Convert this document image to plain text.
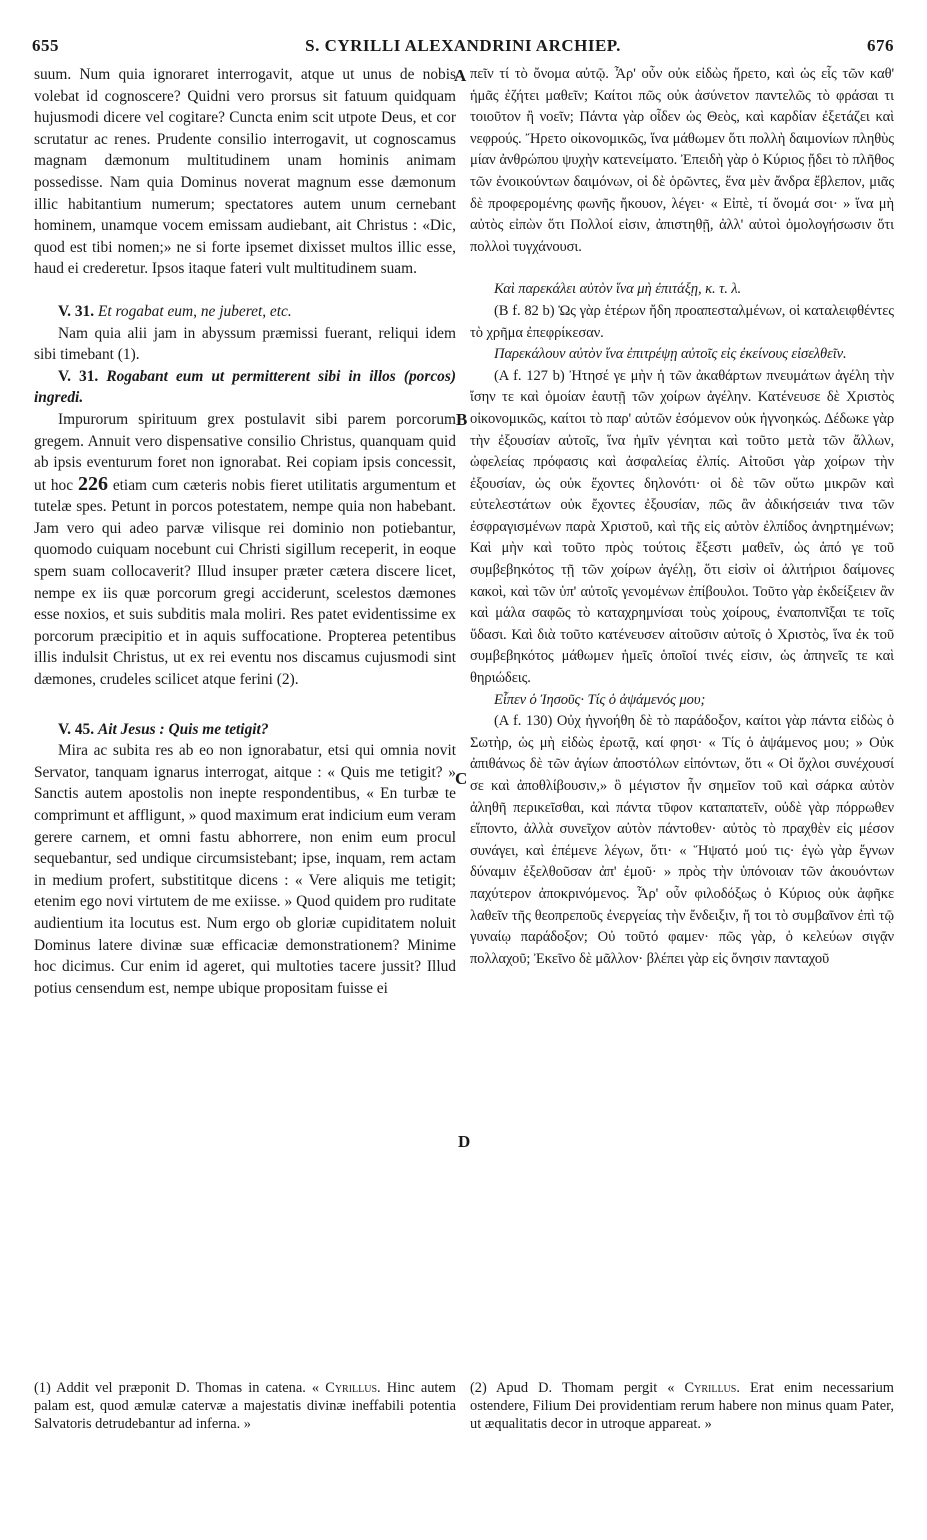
655	S. CYRILLI ALEXANDRINI ARCHIEP.	676
A
B
C
D

suum. Num quia ignoraret interrogavit, atque ut unus de nobis volebat id cognoscere? Quidni vero prorsus sit fatuum quidquam hujusmodi dicere vel cogitare? Cuncta enim scit utpote Deus, et cor scrutatur ac renes. Prudente consilio interrogavit, ut cognoscamus magnam dæmonum multitudinem unam hominis animam possedisse. Nam quia Dominus noverat magnum esse dæmonum illic habitantium numerum; spectatores autem unum cernebant hominem, unamque vocem emissam audiebant, ait Christus : «Dic, quod est tibi nomen;» ne si forte ipsemet dixisset multos illic esse, haud ei crederetur. Ipsos itaque fateri vult multitudinem suam.

V. 31. Et rogabat eum, ne juberet, etc.

Nam quia alii jam in abyssum præmissi fuerant, reliqui idem sibi timebant (1).

V. 31. Rogabant eum ut permitterent sibi in illos (porcos) ingredi.

Impurorum spirituum grex postulavit sibi parem porcorum gregem. Annuit vero dispensative consilio Christus, quanquam quid ab ipsis eventurum foret non ignorabat. Rei copiam ipsis concessit, ut hoc 226 etiam cum cæteris nobis fieret utilitatis argumentum et tutelæ spes. Petunt in porcos potestatem, nempe quia non habebant. Jam vero qui adeo parvæ vilisque rei dominio non potiebantur, quomodo cuiquam nocebunt cui Christi sigillum receperit, in eoque spem suam collocaverit? Illud insuper præter cætera discere licet, nempe ex iis quæ porcorum gregi acciderunt, scelestos dæmones esse noxios, et suis subditis mala moliri. Res patet evidentissime ex porcorum præcipitio et in aquis suffocatione. Propterea petentibus illis indulsit Christus, ut ex rei eventu nos discamus cujusmodi sint dæmones, crudeles scilicet atque ferini (2).

V. 45. Ait Jesus : Quis me tetigit?

Mira ac subita res ab eo non ignorabatur, etsi qui omnia novit Servator, tanquam ignarus interrogat, aitque : « Quis me tetigit? » Sanctis autem apostolis non inepte respondentibus, « En turbæ te comprimunt et affligunt, » quod maximum erat indicium eum veram gerere carnem, et omni fastu abhorrere, non enim eum procul sequebantur, sed undique circumsistebant; ipse, inquam, rem actam in medium profert, substititque dicens : « Vere aliquis me tetigit; etenim ego novi virtutem de me exiisse. » Quod quidem pro ruditate audientium ita locutus est. Num ergo ob gloriæ cupiditatem noluit Dominus latere divinæ suæ efficaciæ demonstrationem? Minime hoc dicimus. Cur enim id ageret, qui multoties tacere jussit? Illud potius censendum est, nempe ubique propositam fuisse ei

πεῖν τί τὸ ὄνομα αὐτῷ. Ἆρ' οὖν οὐκ εἰδὼς ἤρετο, καὶ ὡς εἷς τῶν καθ' ἡμᾶς ἐζήτει μαθεῖν; Καίτοι πῶς οὐκ ἀσύνετον παντελῶς τὸ φράσαι τι τοιοῦτον ἢ νοεῖν; Πάντα γὰρ οἶδεν ὡς Θεὸς, καὶ καρδίαν ἐξετάζει καὶ νεφρούς. Ἤρετο οἰκονομικῶς, ἵνα μάθωμεν ὅτι πολλὴ δαιμονίων πληθὺς μίαν ἀνθρώπου ψυχὴν κατενείματο. Ἐπειδὴ γὰρ ὁ Κύριος ᾔδει τὸ πλῆθος τῶν ἐνοικούντων δαιμόνων, οἱ δὲ ὁρῶντες, ἕνα μὲν ἄνδρα ἔβλεπον, μιᾶς δὲ προφερομένης φωνῆς ἤκουον, λέγει· « Εἰπὲ, τί ὄνομά σοι· » ἵνα μὴ αὐτὸς εἰπὼν ὅτι Πολλοί εἰσιν, ἀπιστηθῇ, ἀλλ' αὐτοὶ ὁμολογήσωσιν ὅτι πολλοὶ τυγχάνουσι.

Καὶ παρεκάλει αὐτὸν ἵνα μὴ ἐπιτάξῃ, κ. τ. λ.

(B f. 82 b) Ὡς γὰρ ἑτέρων ἤδη προαπεσταλμένων, οἱ καταλειφθέντες τὸ χρῆμα ἐπεφρίκεσαν.

Παρεκάλουν αὐτὸν ἵνα ἐπιτρέψῃ αὐτοῖς εἰς ἐκείνους εἰσελθεῖν.

(A f. 127 b) Ἠτησέ γε μὴν ἡ τῶν ἀκαθάρτων πνευμάτων ἀγέλη τὴν ἴσην τε καὶ ὁμοίαν ἑαυτῇ τῶν χοίρων ἀγέλην. Κατένευσε δὲ Χριστὸς οἰκονομικῶς, καίτοι τὸ παρ' αὐτῶν ἐσόμενον οὐκ ἠγνοηκώς. Δέδωκε γὰρ τὴν ἐξουσίαν αὐτοῖς, ἵνα ἡμῖν γένηται καὶ τοῦτο μετὰ τῶν ἄλλων, ὠφελείας πρόφασις καὶ ἀσφαλείας ἐλπίς. Αἰτοῦσι γὰρ χοίρων τὴν ἐξουσίαν, ὡς οὐκ ἔχοντες δηλονότι· οἱ δὲ τῶν οὕτω μικρῶν καὶ εὐτελεστάτων οὐκ ἔχοντες ἐξουσίαν, πῶς ἂν ἀδικήσειάν τινα τῶν ἐσφραγισμένων παρὰ Χριστοῦ, καὶ τῆς εἰς αὐτὸν ἐλπίδος ἀνηρτημένων; Καὶ μὴν καὶ τοῦτο πρὸς τούτοις ἔξεστι μαθεῖν, ὡς ἀπό γε τοῦ συμβεβηκότος τῇ τῶν χοίρων ἀγέλῃ, ὅτι εἰσὶν οἱ ἀλιτήριοι δαίμονες κακοὶ, καὶ τῶν ὑπ' αὐτοῖς γενομένων ἐπίβουλοι. Τοῦτο γὰρ ἐκδείξειεν ἂν καὶ μάλα σαφῶς τὸ καταχρημνίσαι τοὺς χοίρους, ἐναποπνῖξαι τε τοῖς ὕδασι. Καὶ διὰ τοῦτο κατένευσεν αἰτοῦσιν αὐτοῖς ὁ Χριστὸς, ἵνα ἐκ τοῦ συμβεβηκότος μάθωμεν ἡμεῖς ὁποῖοί τινές εἰσιν, ὡς ἀπηνεῖς τε καὶ θηριώδεις.

Εἶπεν ὁ Ἰησοῦς· Τίς ὁ ἀψάμενός μου;

(A f. 130) Οὐχ ἠγνοήθη δὲ τὸ παράδοξον, καίτοι γὰρ πάντα εἰδὼς ὁ Σωτὴρ, ὡς μὴ εἰδὼς ἐρωτᾷ, καί φησι· « Τίς ὁ ἀψάμενος μου; » Οὐκ ἀπιθάνως δὲ τῶν ἁγίων ἀποστόλων εἰπόντων, ὅτι « Οἱ ὄχλοι συνέχουσί σε καὶ ἀποθλίβουσιν,» ὃ μέγιστον ἦν σημεῖον τοῦ καὶ σάρκα αὐτὸν ἀληθῆ περικεῖσθαι, καὶ πάντα τῦφον καταπατεῖν, οὐδὲ γὰρ πόρρωθεν εἵποντο, ἀλλὰ συνεῖχον αὐτὸν πάντοθεν· αὐτὸς τὸ πραχθὲν εἰς μέσον συνάγει, καὶ ἐπέμενε λέγων, ὅτι· « Ἥψατό μού τις· ἐγὼ γὰρ ἔγνων δύναμιν ἐξελθοῦσαν ἀπ' ἐμοῦ· » πρὸς τὴν ὑπόνοιαν τῶν ἀκουόντων παχύτερον ἀποκρινόμενος. Ἆρ' οὖν φιλοδόξως ὁ Κύριος οὐκ ἀφῆκε λαθεῖν τῆς θεοπρεποῦς ἐνεργείας τὴν ἔνδειξιν, ἤ τοι τὸ συμβαῖνον ἐπὶ τῷ γυναίῳ παράδοξον; Οὐ τοῦτό φαμεν· πῶς γὰρ, ὁ κελεύων σιγᾷν πολλαχοῦ; Ἐκεῖνο δὲ μᾶλλον· βλέπει γὰρ εἰς ὄνησιν πανταχοῦ

(1) Addit vel præponit D. Thomas in catena. « Cyrillus. Hinc autem palam est, quod æmulæ catervæ a majestatis divinæ ineffabili potentia Salvatoris detrudebantur ad inferna. »

(2) Apud D. Thomam pergit « Cyrillus. Erat enim necessarium ostendere, Filium Dei providentiam rerum habere non minus quam Pater, ut æqualitatis decor in utroque appareat. »
